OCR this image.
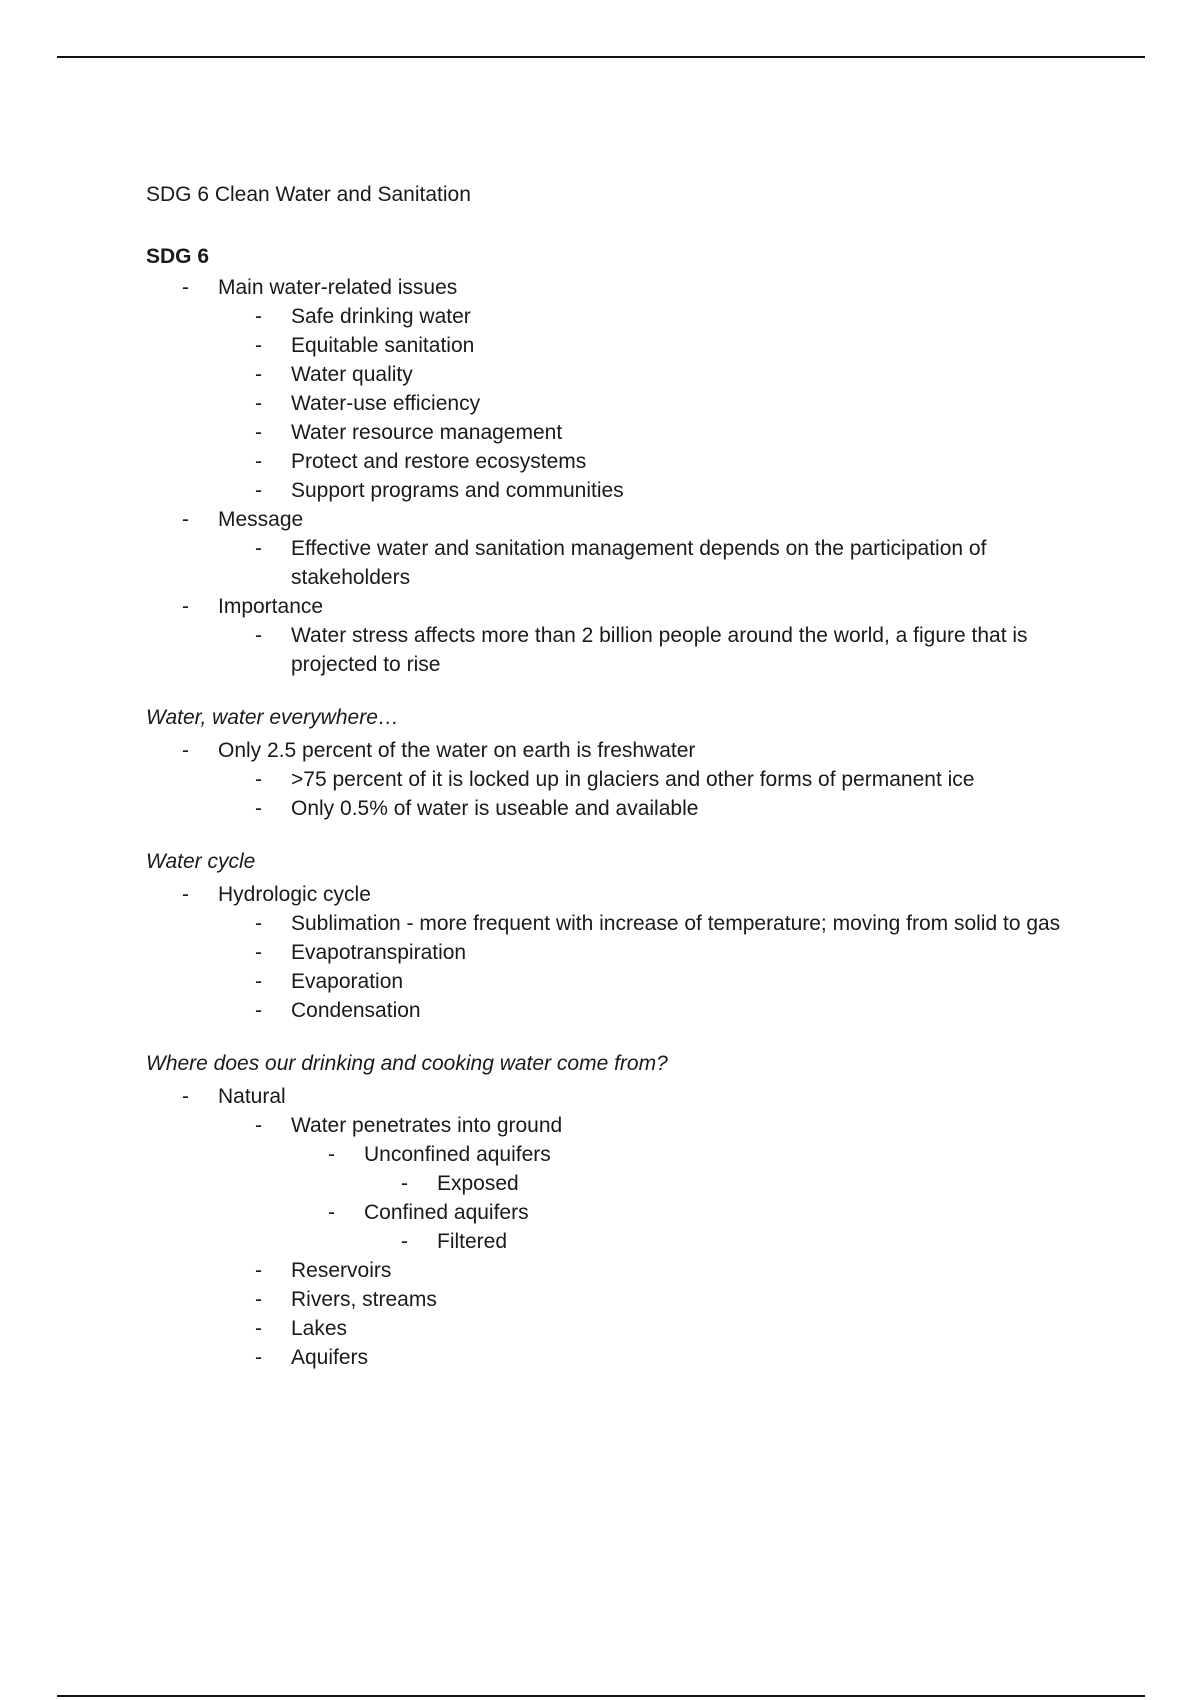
SDG 6 Clean Water and Sanitation

SDG 6

- Main water-related issues
- Safe drinking water
- Equitable sanitation
- Water quality
- Water-use efficiency
- Water resource management
- Protect and restore ecosystems
- Support programs and communities
- Message
- Effective water and sanitation management depends on the participation of stakeholders
- Importance
- Water stress affects more than 2 billion people around the world, a figure that is projected to rise

Water, water everywhere…

- Only 2.5 percent of the water on earth is freshwater
- >75 percent of it is locked up in glaciers and other forms of permanent ice
- Only 0.5% of water is useable and available

Water cycle

- Hydrologic cycle
- Sublimation - more frequent with increase of temperature; moving from solid to gas
- Evapotranspiration
- Evaporation
- Condensation

Where does our drinking and cooking water come from?

- Natural
- Water penetrates into ground
- Unconfined aquifers
- Exposed
- Confined aquifers
- Filtered
- Reservoirs
- Rivers, streams
- Lakes
- Aquifers
